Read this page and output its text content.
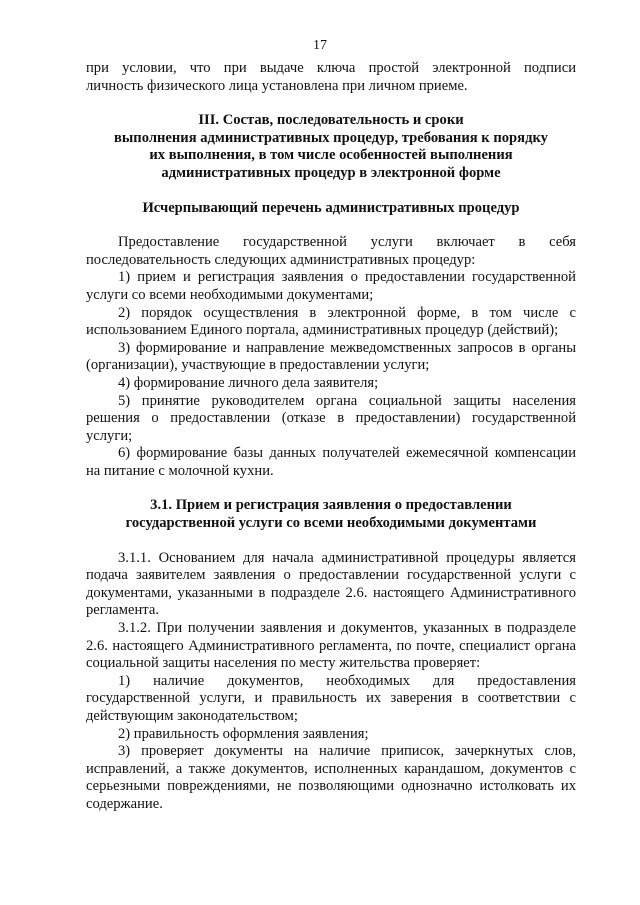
17

при условии, что при выдаче ключа простой электронной подписи

личность физического лица установлена при личном приеме.

III. Состав, последовательность и сроки

выполнения административных процедур, требования к порядку

их выполнения, в том числе особенностей выполнения

административных процедур в электронной форме

Исчерпывающий перечень административных процедур

Предоставление государственной услуги включает в себя последовательность следующих административных процедур:

1) прием и регистрация заявления о предоставлении государственной услуги со всеми необходимыми документами;

2) порядок осуществления в электронной форме, в том числе с использованием Единого портала, административных процедур (действий);

3) формирование и направление межведомственных запросов в органы (организации), участвующие в предоставлении услуги;

4) формирование личного дела заявителя;

5) принятие руководителем органа социальной защиты населения решения о предоставлении (отказе в предоставлении) государственной услуги;

6) формирование базы данных получателей ежемесячной компенсации на питание с молочной кухни.

3.1. Прием и регистрация заявления о предоставлении

государственной услуги со всеми необходимыми документами

3.1.1. Основанием для начала административной процедуры является подача заявителем заявления о предоставлении государственной услуги с документами, указанными в подразделе 2.6. настоящего Административного регламента.

3.1.2. При получении заявления и документов, указанных в подразделе 2.6. настоящего Административного регламента, по почте, специалист органа социальной защиты населения по месту жительства проверяет:

1) наличие документов, необходимых для предоставления государственной услуги, и правильность их заверения в соответствии с действующим законодательством;

2) правильность оформления заявления;

3) проверяет документы на наличие приписок, зачеркнутых слов, исправлений, а также документов, исполненных карандашом, документов с серьезными повреждениями, не позволяющими однозначно истолковать их содержание.
